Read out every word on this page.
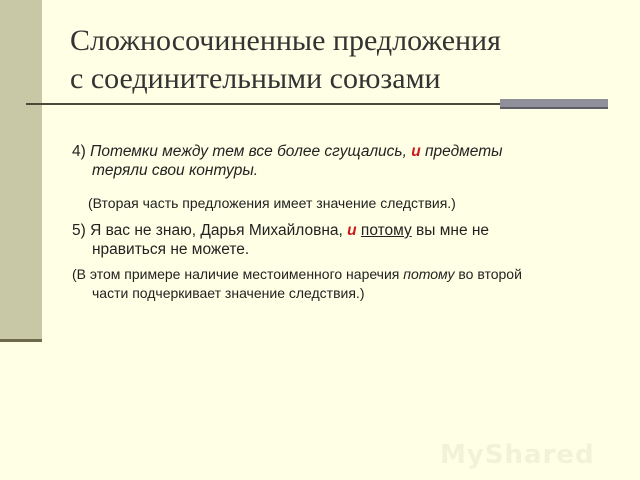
Сложносочиненные предложения
с соединительными союзами

4) Потемки между тем все более сгущались, и предметы
теряли свои контуры.

(Вторая часть предложения имеет значение следствия.)

5) Я вас не знаю, Дарья Михайловна, и потому вы мне не
нравиться не можете.

(В этом примере наличие местоименного наречия потому во второй
части подчеркивает значение следствия.)

MyShared
